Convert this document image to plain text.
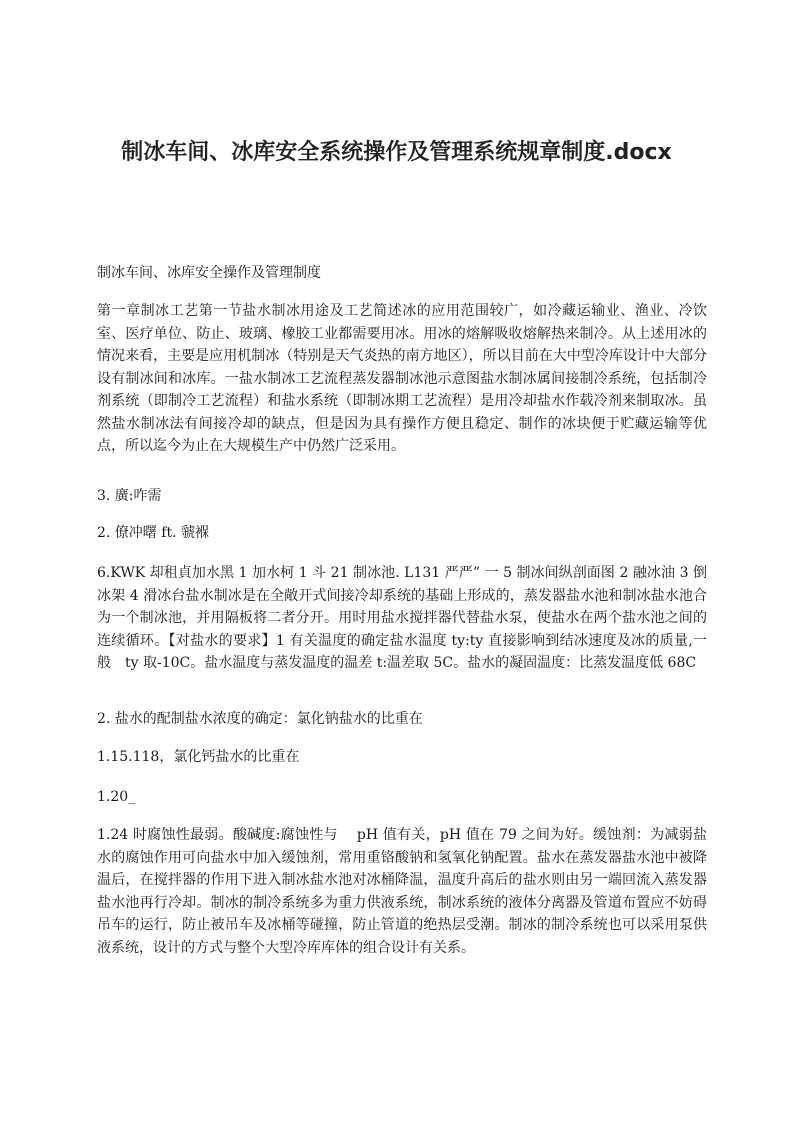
制冰车间、冰库安全系统操作及管理系统规章制度.docx

制冰车间、冰库安全操作及管理制度

第一章制冰工艺第一节盐水制冰用途及工艺简述冰的应用范围较广，如冷藏运输业、渔业、冷饮室、医疗单位、防止、玻璃、橡胶工业都需要用冰。用冰的熔解吸收熔解热来制冷。从上述用冰的情况来看，主要是应用机制冰（特别是天气炎热的南方地区），所以目前在大中型冷库设计中大部分设有制冰间和冰库。一盐水制冰工艺流程蒸发器制冰池示意图盐水制冰属间接制冷系统，包括制冷剂系统（即制冷工艺流程）和盐水系统（即制冰期工艺流程）是用冷却盐水作载冷剂来制取冰。虽然盐水制冰法有间接冷却的缺点，但是因为具有操作方便且稳定、制作的冰块便于贮藏运输等优点，所以迄今为止在大规模生产中仍然广泛采用。

3. 廣:咋需

2. 僚冲曙 ft. 虢褓

6.KWK 却租貞加水黑 1 加水柯 1 斗 21 制冰池. L131 严严” 一 5 制冰间纵剖面图 2 融冰油 3 倒冰架 4 滑冰台盐水制冰是在全敞开式间接冷却系统的基础上形成的，蒸发器盐水池和制冰盐水池合为一个制冰池，并用隔板将二者分开。用时用盐水搅拌器代替盐水泵，使盐水在两个盐水池之间的连续循环。【对盐水的要求】1 有关温度的确定盐水温度 ty:ty 直接影响到结冰速度及冰的质量,一般　ty 取-10C。盐水温度与蒸发温度的温差 t:温差取 5C。盐水的凝固温度：比蒸发温度低 68C

2. 盐水的配制盐水浓度的确定：氯化钠盐水的比重在

1.15.118，氯化钙盐水的比重在

1.20_

1.24 时腐蚀性最弱。酸碱度:腐蚀性与　 pH 值有关，pH 值在 79 之间为好。缓蚀剂：为减弱盐水的腐蚀作用可向盐水中加入缓蚀剂，常用重铬酸钠和氢氧化钠配置。盐水在蒸发器盐水池中被降温后，在搅拌器的作用下进入制冰盐水池对冰桶降温，温度升高后的盐水则由另一端回流入蒸发器盐水池再行冷却。制冰的制冷系统多为重力供液系统，制冰系统的液体分离器及管道布置应不妨碍吊车的运行，防止被吊车及冰桶等碰撞，防止管道的绝热层受潮。制冰的制冷系统也可以采用泵供液系统，设计的方式与整个大型冷库库体的组合设计有关系。
